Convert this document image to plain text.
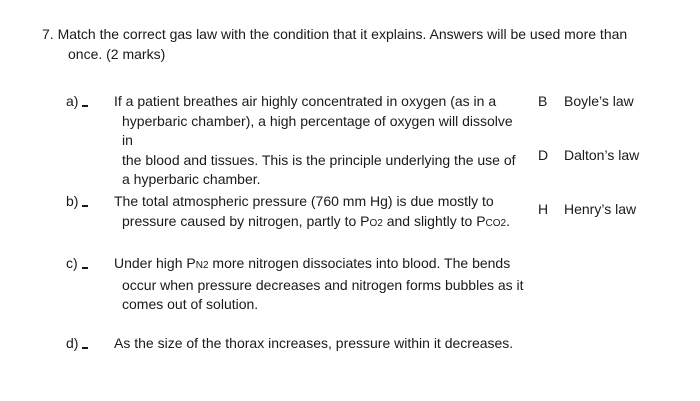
7. Match the correct gas law with the condition that it explains. Answers will be used more than
once. (2 marks)
a)	If a patient breathes air highly concentrated in oxygen (as in a
hyperbaric chamber), a high percentage of oxygen will dissolve in
the blood and tissues. This is the principle underlying the use of
a hyperbaric chamber.
b)	The total atmospheric pressure (760 mm Hg) is due mostly to
pressure caused by nitrogen, partly to PO2 and slightly to PCO2.
c)	Under high PN2 more nitrogen dissociates into blood. The bends
occur when pressure decreases and nitrogen forms bubbles as it
comes out of solution.
d)	As the size of the thorax increases, pressure within it decreases.
B Boyle’s law
D Dalton’s law
H Henry’s law
